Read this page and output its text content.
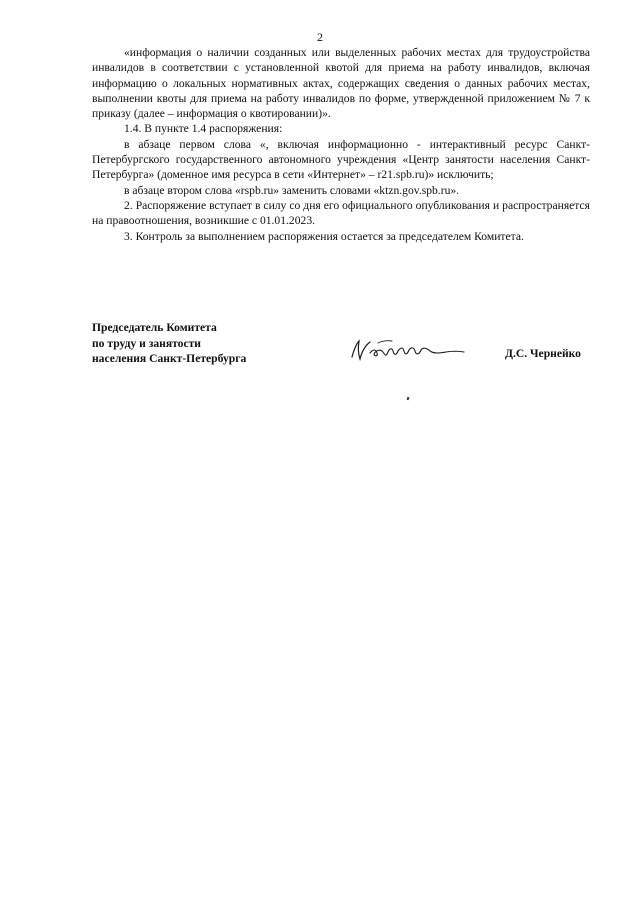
2

«информация о наличии созданных или выделенных рабочих местах для трудоустройства инвалидов в соответствии с установленной квотой для приема на работу инвалидов, включая информацию о локальных нормативных актах, содержащих сведения о данных рабочих местах, выполнении квоты для приема на работу инвалидов по форме, утвержденной приложением № 7 к приказу (далее – информация о квотировании)».

1.4. В пункте 1.4 распоряжения:

в абзаце первом слова «, включая информационно - интерактивный ресурс Санкт-Петербургского государственного автономного учреждения «Центр занятости населения Санкт-Петербурга» (доменное имя ресурса в сети «Интернет» – r21.spb.ru)» исключить;

в абзаце втором слова «rspb.ru» заменить словами «ktzn.gov.spb.ru».

2. Распоряжение вступает в силу со дня его официального опубликования и распространяется на правоотношения, возникшие с 01.01.2023.

3. Контроль за выполнением распоряжения остается за председателем Комитета.

Председатель Комитета
по труду и занятости
населения Санкт-Петербурга	Д.С. Чернейко
